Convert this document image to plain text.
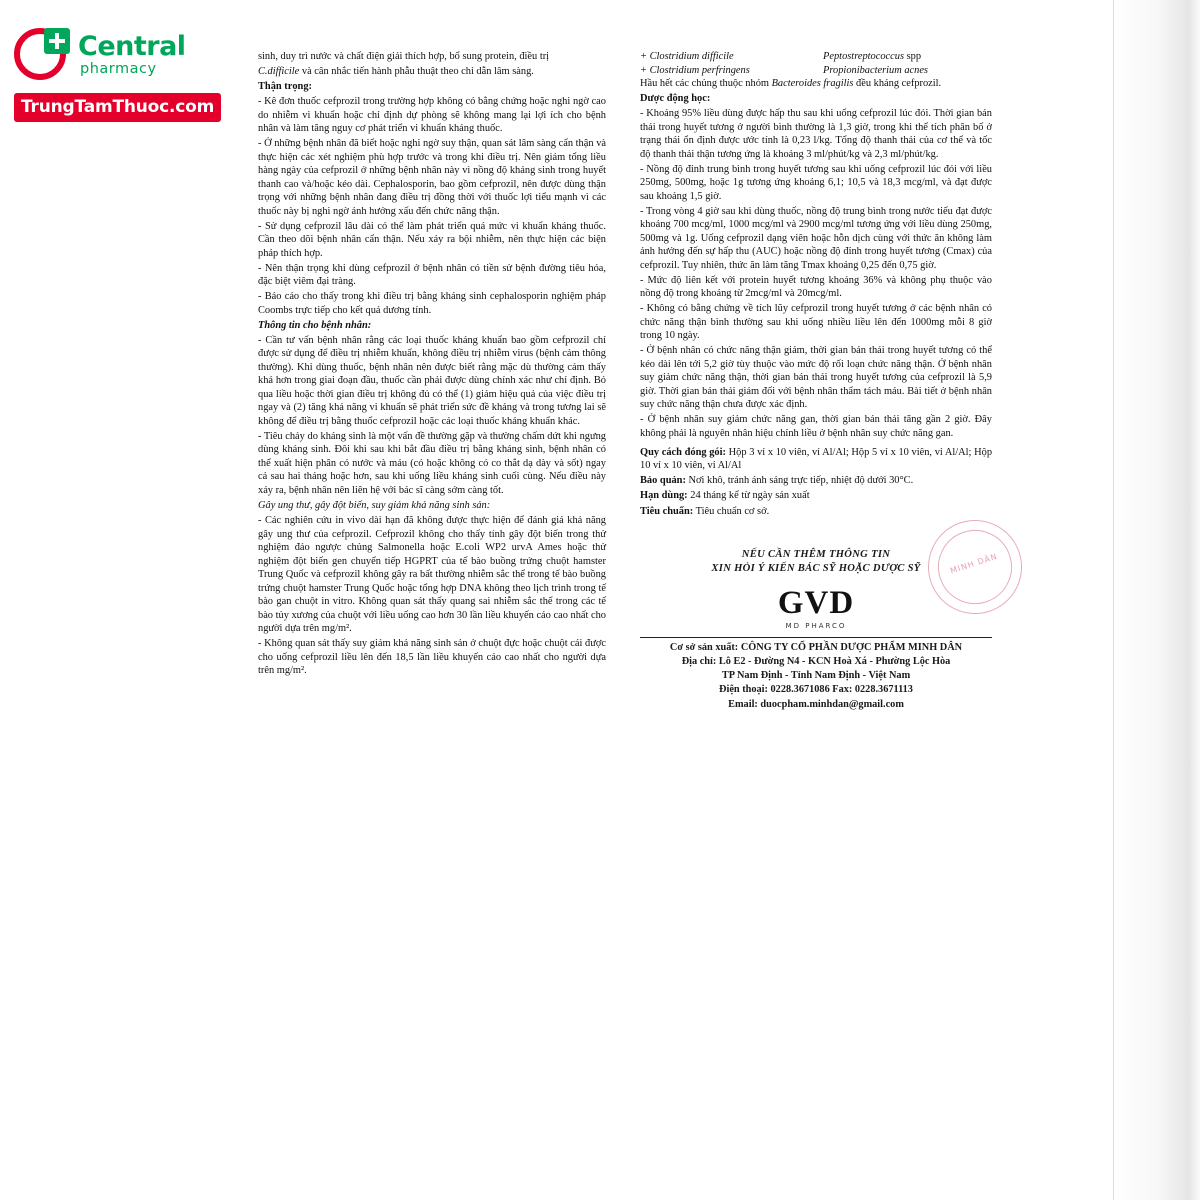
Central
pharmacy
TrungTamThuoc.com

sinh, duy trì nước và chất điện giải thích hợp, bổ sung protein, điều trị

C.difficile và cân nhắc tiến hành phẫu thuật theo chỉ dẫn lâm sàng.

Thận trọng:

- Kê đơn thuốc cefprozil trong trường hợp không có bằng chứng hoặc nghi ngờ cao do nhiễm vi khuẩn hoặc chỉ định dự phòng sẽ không mang lại lợi ích cho bệnh nhân và làm tăng nguy cơ phát triển vi khuẩn kháng thuốc.

- Ở những bệnh nhân đã biết hoặc nghi ngờ suy thận, quan sát lâm sàng cẩn thận và thực hiện các xét nghiệm phù hợp trước và trong khi điều trị. Nên giảm tổng liều hàng ngày của cefprozil ở những bệnh nhân này vì nồng độ kháng sinh trong huyết thanh cao và/hoặc kéo dài. Cephalosporin, bao gồm cefprozil, nên được dùng thận trọng với những bệnh nhân đang điều trị đồng thời với thuốc lợi tiểu mạnh vì các thuốc này bị nghi ngờ ảnh hưởng xấu đến chức năng thận.

- Sử dụng cefprozil lâu dài có thể làm phát triển quá mức vi khuẩn kháng thuốc. Cần theo dõi bệnh nhân cẩn thận. Nếu xảy ra bội nhiễm, nên thực hiện các biện pháp thích hợp.

- Nên thận trọng khi dùng cefprozil ở bệnh nhân có tiền sử bệnh đường tiêu hóa, đặc biệt viêm đại tràng.

- Báo cáo cho thấy trong khi điều trị bằng kháng sinh cephalosporin nghiệm pháp Coombs trực tiếp cho kết quả dương tính.

Thông tin cho bệnh nhân:

- Cần tư vấn bệnh nhân rằng các loại thuốc kháng khuẩn bao gồm cefprozil chỉ được sử dụng để điều trị nhiễm khuẩn, không điều trị nhiễm virus (bệnh cảm thông thường). Khi dùng thuốc, bệnh nhân nên được biết rằng mặc dù thường cảm thấy khá hơn trong giai đoạn đầu, thuốc cần phải được dùng chính xác như chỉ định. Bỏ qua liều hoặc thời gian điều trị không đủ có thể (1) giảm hiệu quả của việc điều trị ngay và (2) tăng khả năng vi khuẩn sẽ phát triển sức đề kháng và trong tương lai sẽ không để điều trị bằng thuốc cefprozil hoặc các loại thuốc kháng khuẩn khác.

- Tiêu chảy do kháng sinh là một vấn đề thường gặp và thường chấm dứt khi ngưng dùng kháng sinh. Đôi khi sau khi bắt đầu điều trị bằng kháng sinh, bệnh nhân có thể xuất hiện phân có nước và máu (có hoặc không có co thắt dạ dày và sốt) ngay cả sau hai tháng hoặc hơn, sau khi uống liều kháng sinh cuối cùng. Nếu điều này xảy ra, bệnh nhân nên liên hệ với bác sĩ càng sớm càng tốt.

Gây ung thư, gây đột biến, suy giảm khả năng sinh sản:

- Các nghiên cứu in vivo dài hạn đã không được thực hiện để đánh giá khả năng gây ung thư của cefprozil. Cefprozil không cho thấy tính gây đột biến trong thử nghiệm đảo ngược chủng Salmonella hoặc E.coli WP2 urvA Ames hoặc thử nghiệm đột biến gen chuyển tiếp HGPRT của tế bào buồng trứng chuột hamster Trung Quốc và cefprozil không gây ra bất thường nhiễm sắc thể trong tế bào buồng trứng chuột hamster Trung Quốc hoặc tổng hợp DNA không theo lịch trình trong tế bào gan chuột in vitro. Không quan sát thấy quang sai nhiễm sắc thể trong các tế bào tủy xương của chuột với liều uống cao hơn 30 lần liều khuyến cáo cao nhất cho người dựa trên mg/m².

- Không quan sát thấy suy giảm khả năng sinh sản ở chuột đực hoặc chuột cái được cho uống cefprozil liều lên đến 18,5 lần liều khuyến cáo cao nhất cho người dựa trên mg/m².

+ Clostridium difficile	Peptostreptococcus spp
+ Clostridium perfringens	Propionibacterium acnes

Hầu hết các chủng thuộc nhóm Bacteroides fragilis đều kháng cefprozil.

Dược động học:

- Khoảng 95% liều dùng được hấp thu sau khi uống cefprozil lúc đói. Thời gian bán thải trong huyết tương ở người bình thường là 1,3 giờ, trong khi thể tích phân bố ở trạng thái ổn định được ước tính là 0,23 l/kg. Tổng độ thanh thải của cơ thể và tốc độ thanh thải thận tương ứng là khoảng 3 ml/phút/kg và 2,3 ml/phút/kg.

- Nồng độ đỉnh trung bình trong huyết tương sau khi uống cefprozil lúc đói với liều 250mg, 500mg, hoặc 1g tương ứng khoảng 6,1; 10,5 và 18,3 mcg/ml, và đạt được sau khoảng 1,5 giờ.

- Trong vòng 4 giờ sau khi dùng thuốc, nồng độ trung bình trong nước tiểu đạt được khoảng 700 mcg/ml, 1000 mcg/ml và 2900 mcg/ml tương ứng với liều dùng 250mg, 500mg và 1g. Uống cefprozil dạng viên hoặc hỗn dịch cùng với thức ăn không làm ảnh hưởng đến sự hấp thu (AUC) hoặc nồng độ đỉnh trong huyết tương (Cmax) của cefprozil. Tuy nhiên, thức ăn làm tăng Tmax khoảng 0,25 đến 0,75 giờ.

- Mức độ liên kết với protein huyết tương khoảng 36% và không phụ thuộc vào nồng độ trong khoảng từ 2mcg/ml và 20mcg/ml.

- Không có bằng chứng về tích lũy cefprozil trong huyết tương ở các bệnh nhân có chức năng thận bình thường sau khi uống nhiều liều lên đến 1000mg mỗi 8 giờ trong 10 ngày.

- Ở bệnh nhân có chức năng thận giảm, thời gian bán thải trong huyết tương có thể kéo dài lên tới 5,2 giờ tùy thuộc vào mức độ rối loạn chức năng thận. Ở bệnh nhân suy giảm chức năng thận, thời gian bán thải trong huyết tương của cefprozil là 5,9 giờ. Thời gian bán thải giảm đối với bệnh nhân thẩm tách máu. Bài tiết ở bệnh nhân suy chức năng thận chưa được xác định.

- Ở bệnh nhân suy giảm chức năng gan, thời gian bán thải tăng gần 2 giờ. Đây không phải là nguyên nhân hiệu chỉnh liều ở bệnh nhân suy chức năng gan.

Quy cách đóng gói: Hộp 3 vỉ x 10 viên, vỉ Al/Al; Hộp 5 vỉ x 10 viên, vỉ Al/Al; Hộp 10 vỉ x 10 viên, vỉ Al/Al

Bảo quản: Nơi khô, tránh ánh sáng trực tiếp, nhiệt độ dưới 30°C.

Hạn dùng: 24 tháng kể từ ngày sản xuất

Tiêu chuẩn: Tiêu chuẩn cơ sở.

MINH DÂN
NẾU CẦN THÊM THÔNG TIN
XIN HỎI Ý KIẾN BÁC SỸ HOẶC DƯỢC SỸ
GVD
MD PHARCO
Cơ sở sản xuất: CÔNG TY CỔ PHẦN DƯỢC PHẨM MINH DÂN
Địa chỉ: Lô E2 - Đường N4 - KCN Hoà Xá - Phường Lộc Hòa
TP Nam Định - Tỉnh Nam Định - Việt Nam
Điện thoại: 0228.3671086 Fax: 0228.3671113
Email: duocpham.minhdan@gmail.com
